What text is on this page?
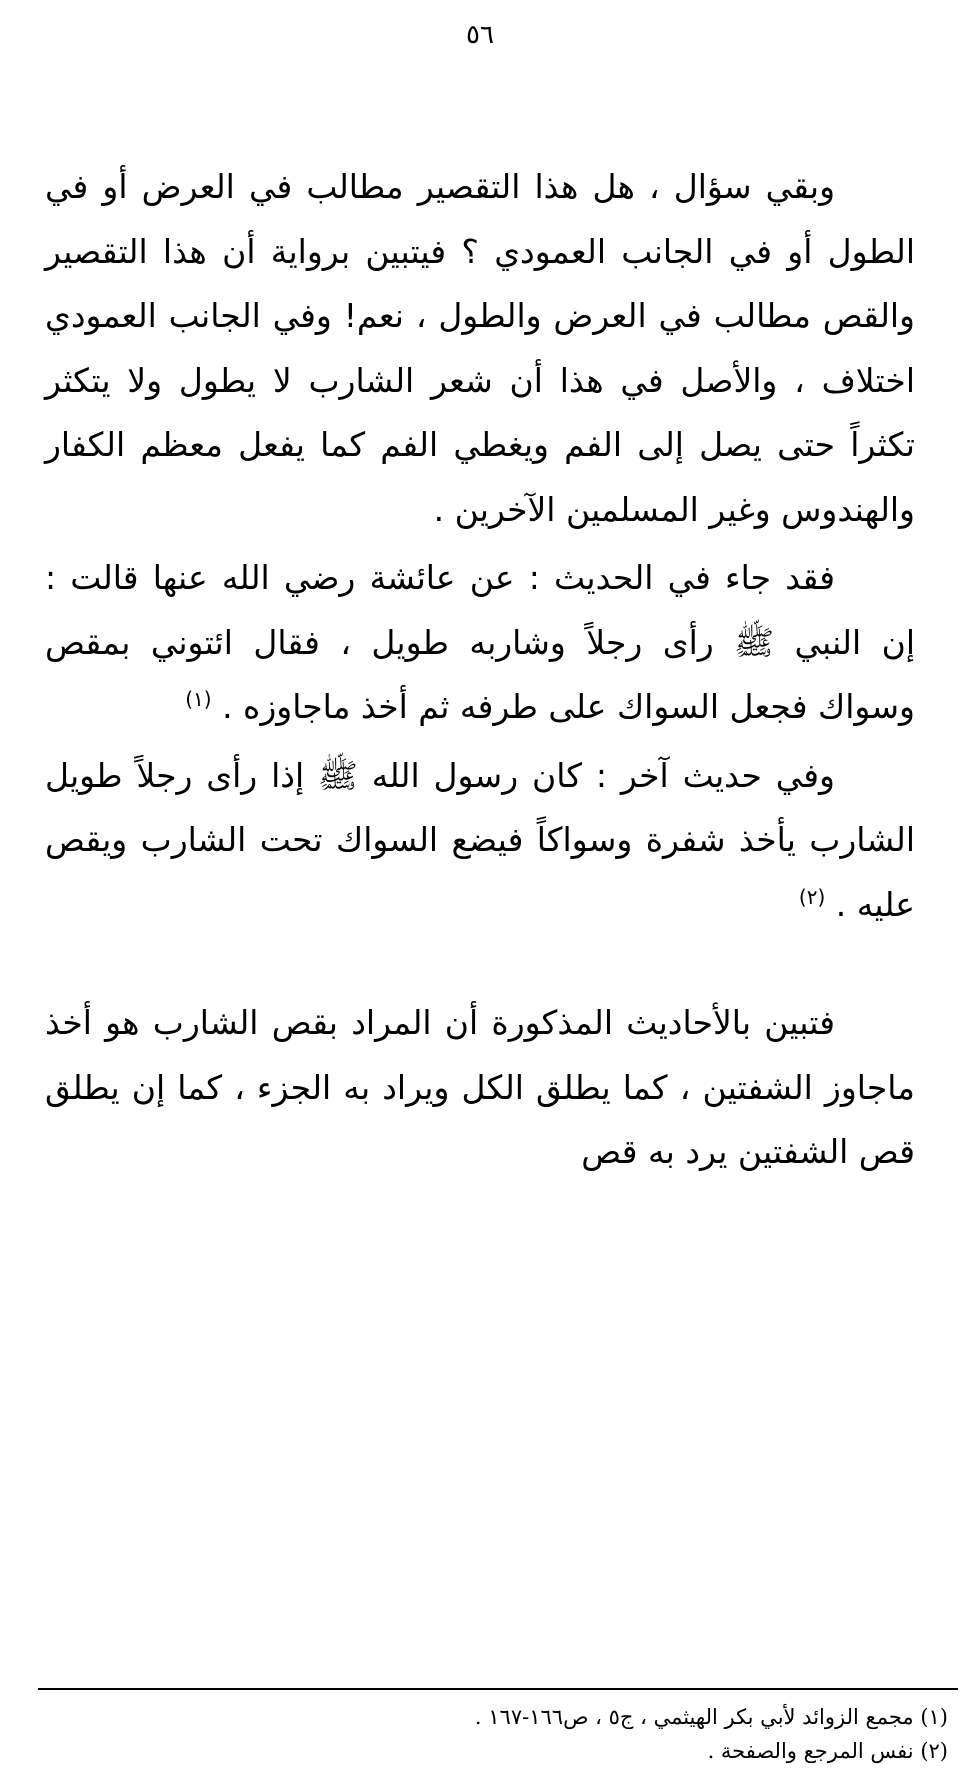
٥٦

وبقي سؤال ، هل هذا التقصير مطالب في العرض أو في الطول أو في الجانب العمودي ؟ فيتبين برواية أن هذا التقصير والقص مطالب في العرض والطول ، نعم! وفي الجانب العمودي اختلاف ، والأصل في هذا أن شعر الشارب لا يطول ولا يتكثر تكثراً حتى يصل إلى الفم ويغطي الفم كما يفعل معظم الكفار والهندوس وغير المسلمين الآخرين .

فقد جاء في الحديث : عن عائشة رضي الله عنها قالت : إن النبي ﷺ رأى رجلاً وشاربه طويل ، فقال ائتوني بمقص وسواك فجعل السواك على طرفه ثم أخذ ماجاوزه . $^{(١)}$

وفي حديث آخر : كان رسول الله ﷺ إذا رأى رجلاً طويل الشارب يأخذ شفرة وسواكاً فيضع السواك تحت الشارب ويقص عليه . $^{(٢)}$

فتبين بالأحاديث المذكورة أن المراد بقص الشارب هو أخذ ماجاوز الشفتين ، كما يطلق الكل ويراد به الجزء ، كما إن يطلق قص الشفتين يرد به قص

(١) مجمع الزوائد لأبي بكر الهيثمي ، ج٥ ، ص١٦٦-١٦٧ .

(٢) نفس المرجع والصفحة .
